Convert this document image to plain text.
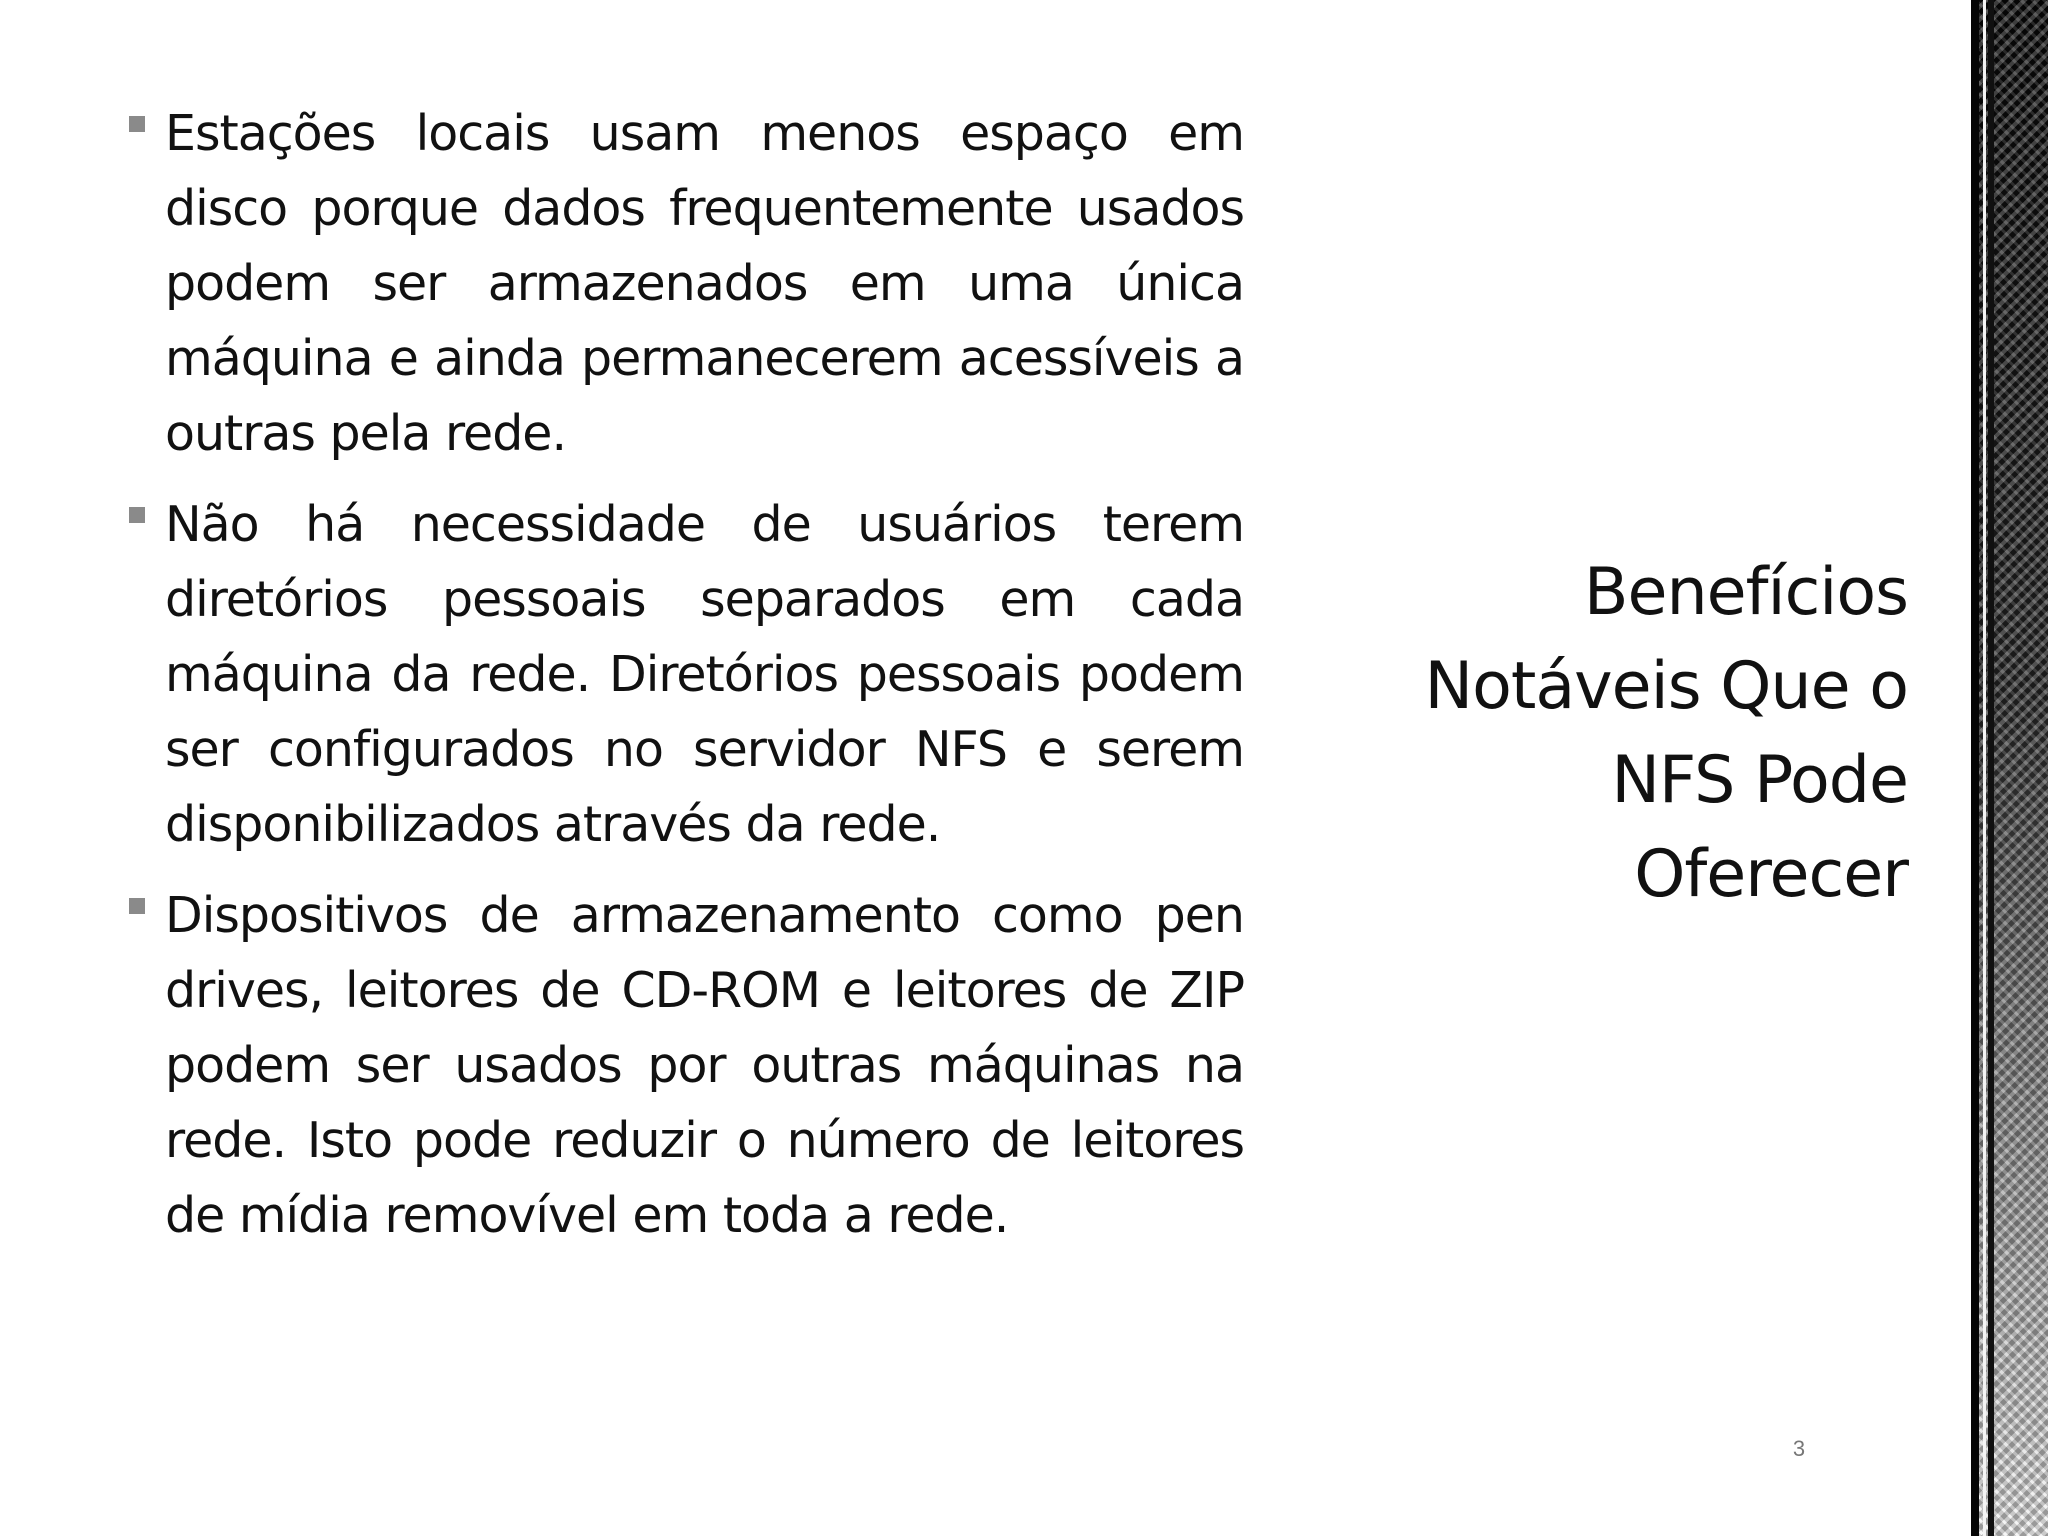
Estações locais usam menos espaço em disco porque dados frequentemente usados podem ser armazenados em uma única máquina e ainda permanecerem acessíveis a outras pela rede.
Não há necessidade de usuários terem diretórios pessoais separados em cada máquina da rede. Diretórios pessoais podem ser configurados no servidor NFS e serem disponibilizados através da rede.
Dispositivos de armazenamento como pen drives, leitores de CD-ROM e leitores de ZIP podem ser usados por outras máquinas na rede. Isto pode reduzir o número de leitores de mídia removível em toda a rede.
Benefícios Notáveis Que o NFS Pode Oferecer
3
